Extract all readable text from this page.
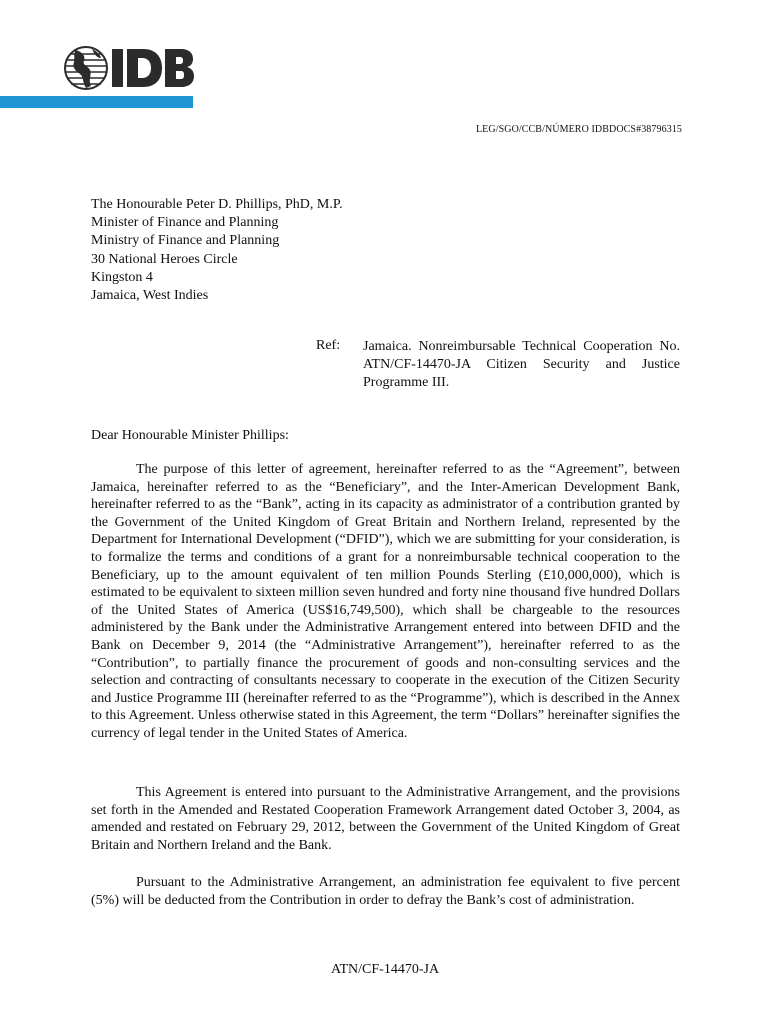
LEG/SGO/CCB/NÚMERO IDBDOCS#38796315
The Honourable Peter D. Phillips, PhD, M.P.
Minister of Finance and Planning
Ministry of Finance and Planning
30 National Heroes Circle
Kingston 4
Jamaica, West Indies
Ref: Jamaica. Nonreimbursable Technical Cooperation No. ATN/CF-14470-JA Citizen Security and Justice Programme III.
Dear Honourable Minister Phillips:

The purpose of this letter of agreement, hereinafter referred to as the “Agreement”, between Jamaica, hereinafter referred to as the “Beneficiary”, and the Inter-American Development Bank, hereinafter referred to as the “Bank”, acting in its capacity as administrator of a contribution granted by the Government of the United Kingdom of Great Britain and Northern Ireland, represented by the Department for International Development (“DFID”), which we are submitting for your consideration, is to formalize the terms and conditions of a grant for a nonreimbursable technical cooperation to the Beneficiary, up to the amount equivalent of ten million Pounds Sterling (£10,000,000), which is estimated to be equivalent to sixteen million seven hundred and forty nine thousand five hundred Dollars of the United States of America (US$16,749,500), which shall be chargeable to the resources administered by the Bank under the Administrative Arrangement entered into between DFID and the Bank on December 9, 2014 (the “Administrative Arrangement”), hereinafter referred to as the “Contribution”, to partially finance the procurement of goods and non-consulting services and the selection and contracting of consultants necessary to cooperate in the execution of the Citizen Security and Justice Programme III (hereinafter referred to as the “Programme”), which is described in the Annex to this Agreement. Unless otherwise stated in this Agreement, the term “Dollars” hereinafter signifies the currency of legal tender in the United States of America.

This Agreement is entered into pursuant to the Administrative Arrangement, and the provisions set forth in the Amended and Restated Cooperation Framework Arrangement dated October 3, 2004, as amended and restated on February 29, 2012, between the Government of the United Kingdom of Great Britain and Northern Ireland and the Bank.

Pursuant to the Administrative Arrangement, an administration fee equivalent to five percent (5%) will be deducted from the Contribution in order to defray the Bank’s cost of administration.

ATN/CF-14470-JA
